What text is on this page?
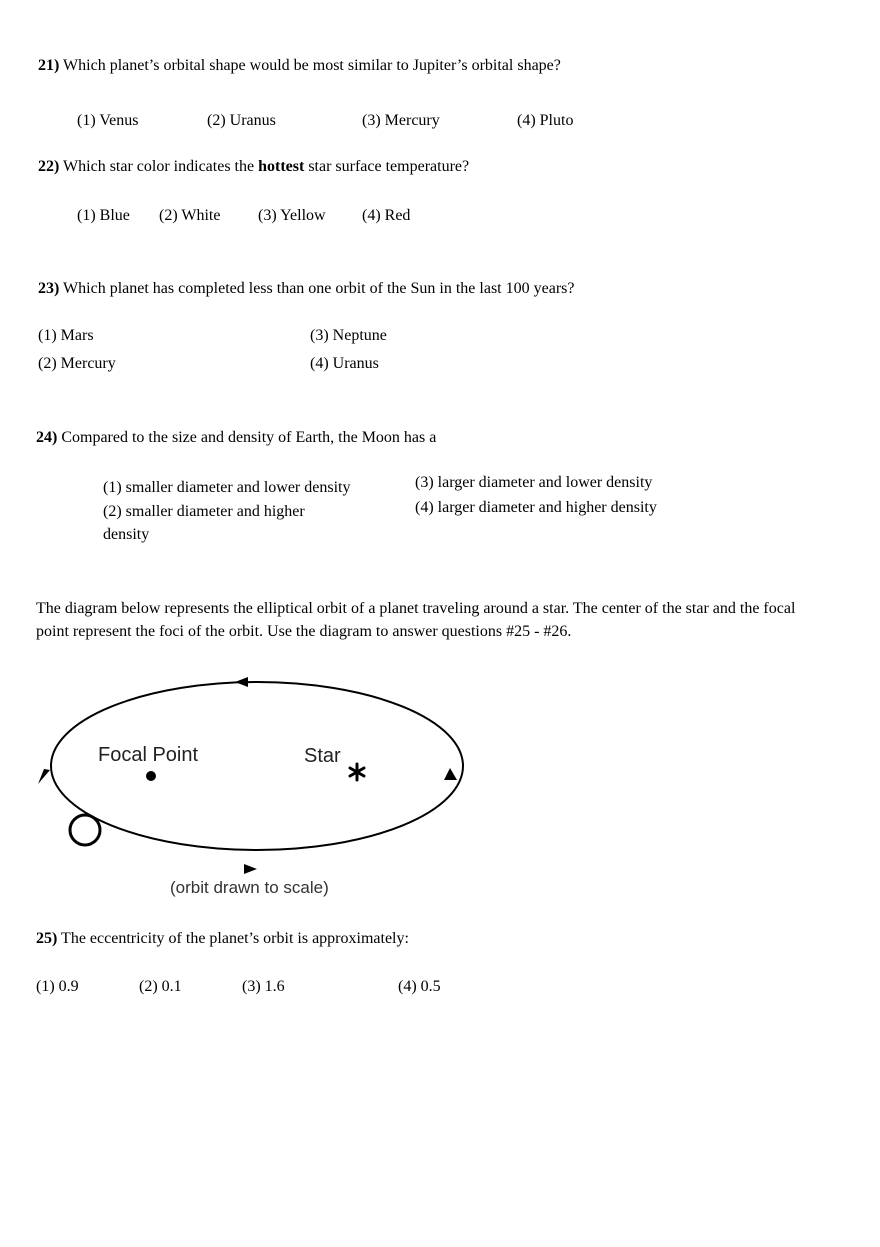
21) Which planet’s orbital shape would be most similar to Jupiter’s orbital shape?
(1) Venus	(2) Uranus	(3) Mercury	(4) Pluto
22) Which star color indicates the hottest star surface temperature?
(1) Blue (2) White (3) Yellow (4) Red
23) Which planet has completed less than one orbit of the Sun in the last 100 years?
(1) Mars
(2) Mercury
(3) Neptune
(4) Uranus
24) Compared to the size and density of Earth, the Moon has a
(1) smaller diameter and lower density
(2) smaller diameter and higher density
(3) larger diameter and lower density
(4) larger diameter and higher density
The diagram below represents the elliptical orbit of a planet traveling around a star. The center of the star and the focal point represent the foci of the orbit. Use the diagram to answer questions #25 - #26.
Focal Point	Star
(orbit drawn to scale)
25) The eccentricity of the planet’s orbit is approximately:
(1) 0.9	(2) 0.1	(3) 1.6	(4) 0.5
